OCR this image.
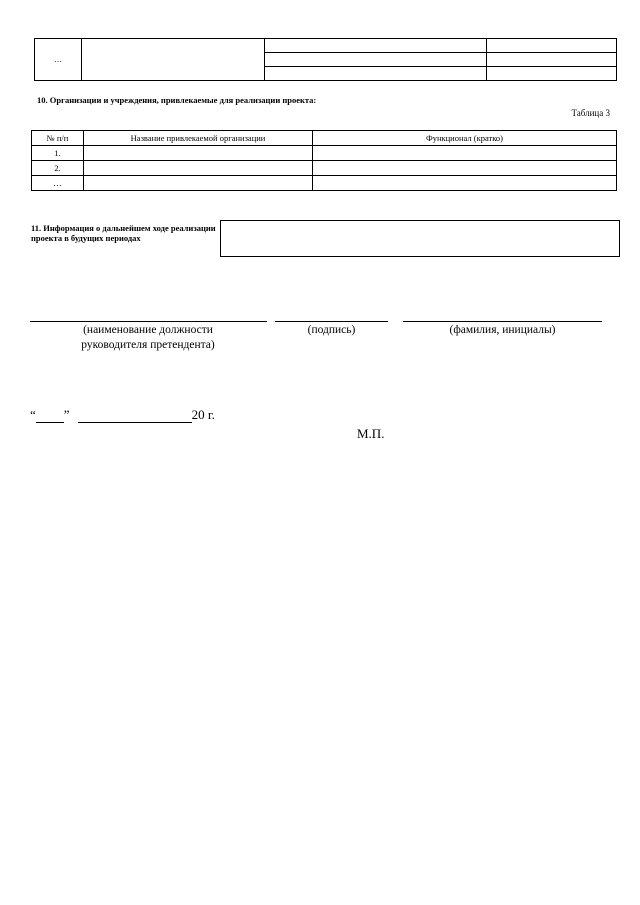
…			

10. Организации и учреждения, привлекаемые для реализации проекта:
Таблица 3
№ п/п	Название привлекаемой организации	Функционал (кратко)
1.		
2.		
…		
11. Информация о дальнейшем ходе реализации проекта в будущих периодах
(наименование должности руководителя претендента)
(подпись)	(фамилия, инициалы)
“ ”	20 г.
М.П.
